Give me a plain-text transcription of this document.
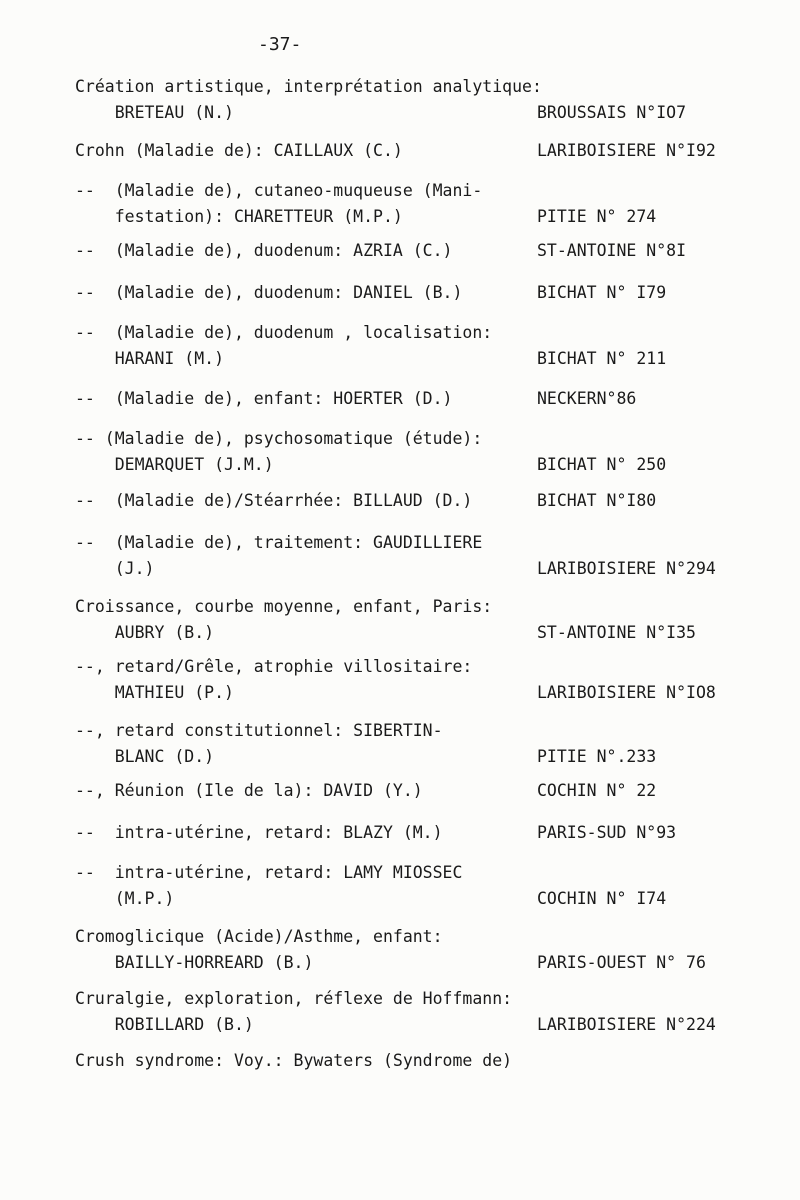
-37-
Création artistique, interprétation analytique:
BRETEAU (N.)	BROUSSAIS N°IO7
Crohn (Maladie de): CAILLAUX (C.)	LARIBOISIERE N°I92
--  (Maladie de), cutaneo-muqueuse (Mani-
festation): CHARETTEUR (M.P.)	PITIE N° 274
--  (Maladie de), duodenum: AZRIA (C.)	ST-ANTOINE N°8I
--  (Maladie de), duodenum: DANIEL (B.)	BICHAT N° I79
--  (Maladie de), duodenum , localisation:
HARANI (M.)	BICHAT N° 211
--  (Maladie de), enfant: HOERTER (D.)	NECKERN°86
-- (Maladie de), psychosomatique (étude):
DEMARQUET (J.M.)	BICHAT N° 250
--  (Maladie de)/Stéarrhée: BILLAUD (D.)	BICHAT N°I80
--  (Maladie de), traitement: GAUDILLIERE
(J.)	LARIBOISIERE N°294
Croissance, courbe moyenne, enfant, Paris:
AUBRY (B.)	ST-ANTOINE N°I35
--, retard/Grêle, atrophie villositaire:
MATHIEU (P.)	LARIBOISIERE N°IO8
--, retard constitutionnel: SIBERTIN-
BLANC (D.)	PITIE N°.233
--, Réunion (Ile de la): DAVID (Y.)	COCHIN N° 22
--  intra-utérine, retard: BLAZY (M.)	PARIS-SUD N°93
--  intra-utérine, retard: LAMY MIOSSEC
(M.P.)	COCHIN N° I74
Cromoglicique (Acide)/Asthme, enfant:
BAILLY-HORREARD (B.)	PARIS-OUEST N° 76
Cruralgie, exploration, réflexe de Hoffmann:
ROBILLARD (B.)	LARIBOISIERE N°224
Crush syndrome: Voy.: Bywaters (Syndrome de)
